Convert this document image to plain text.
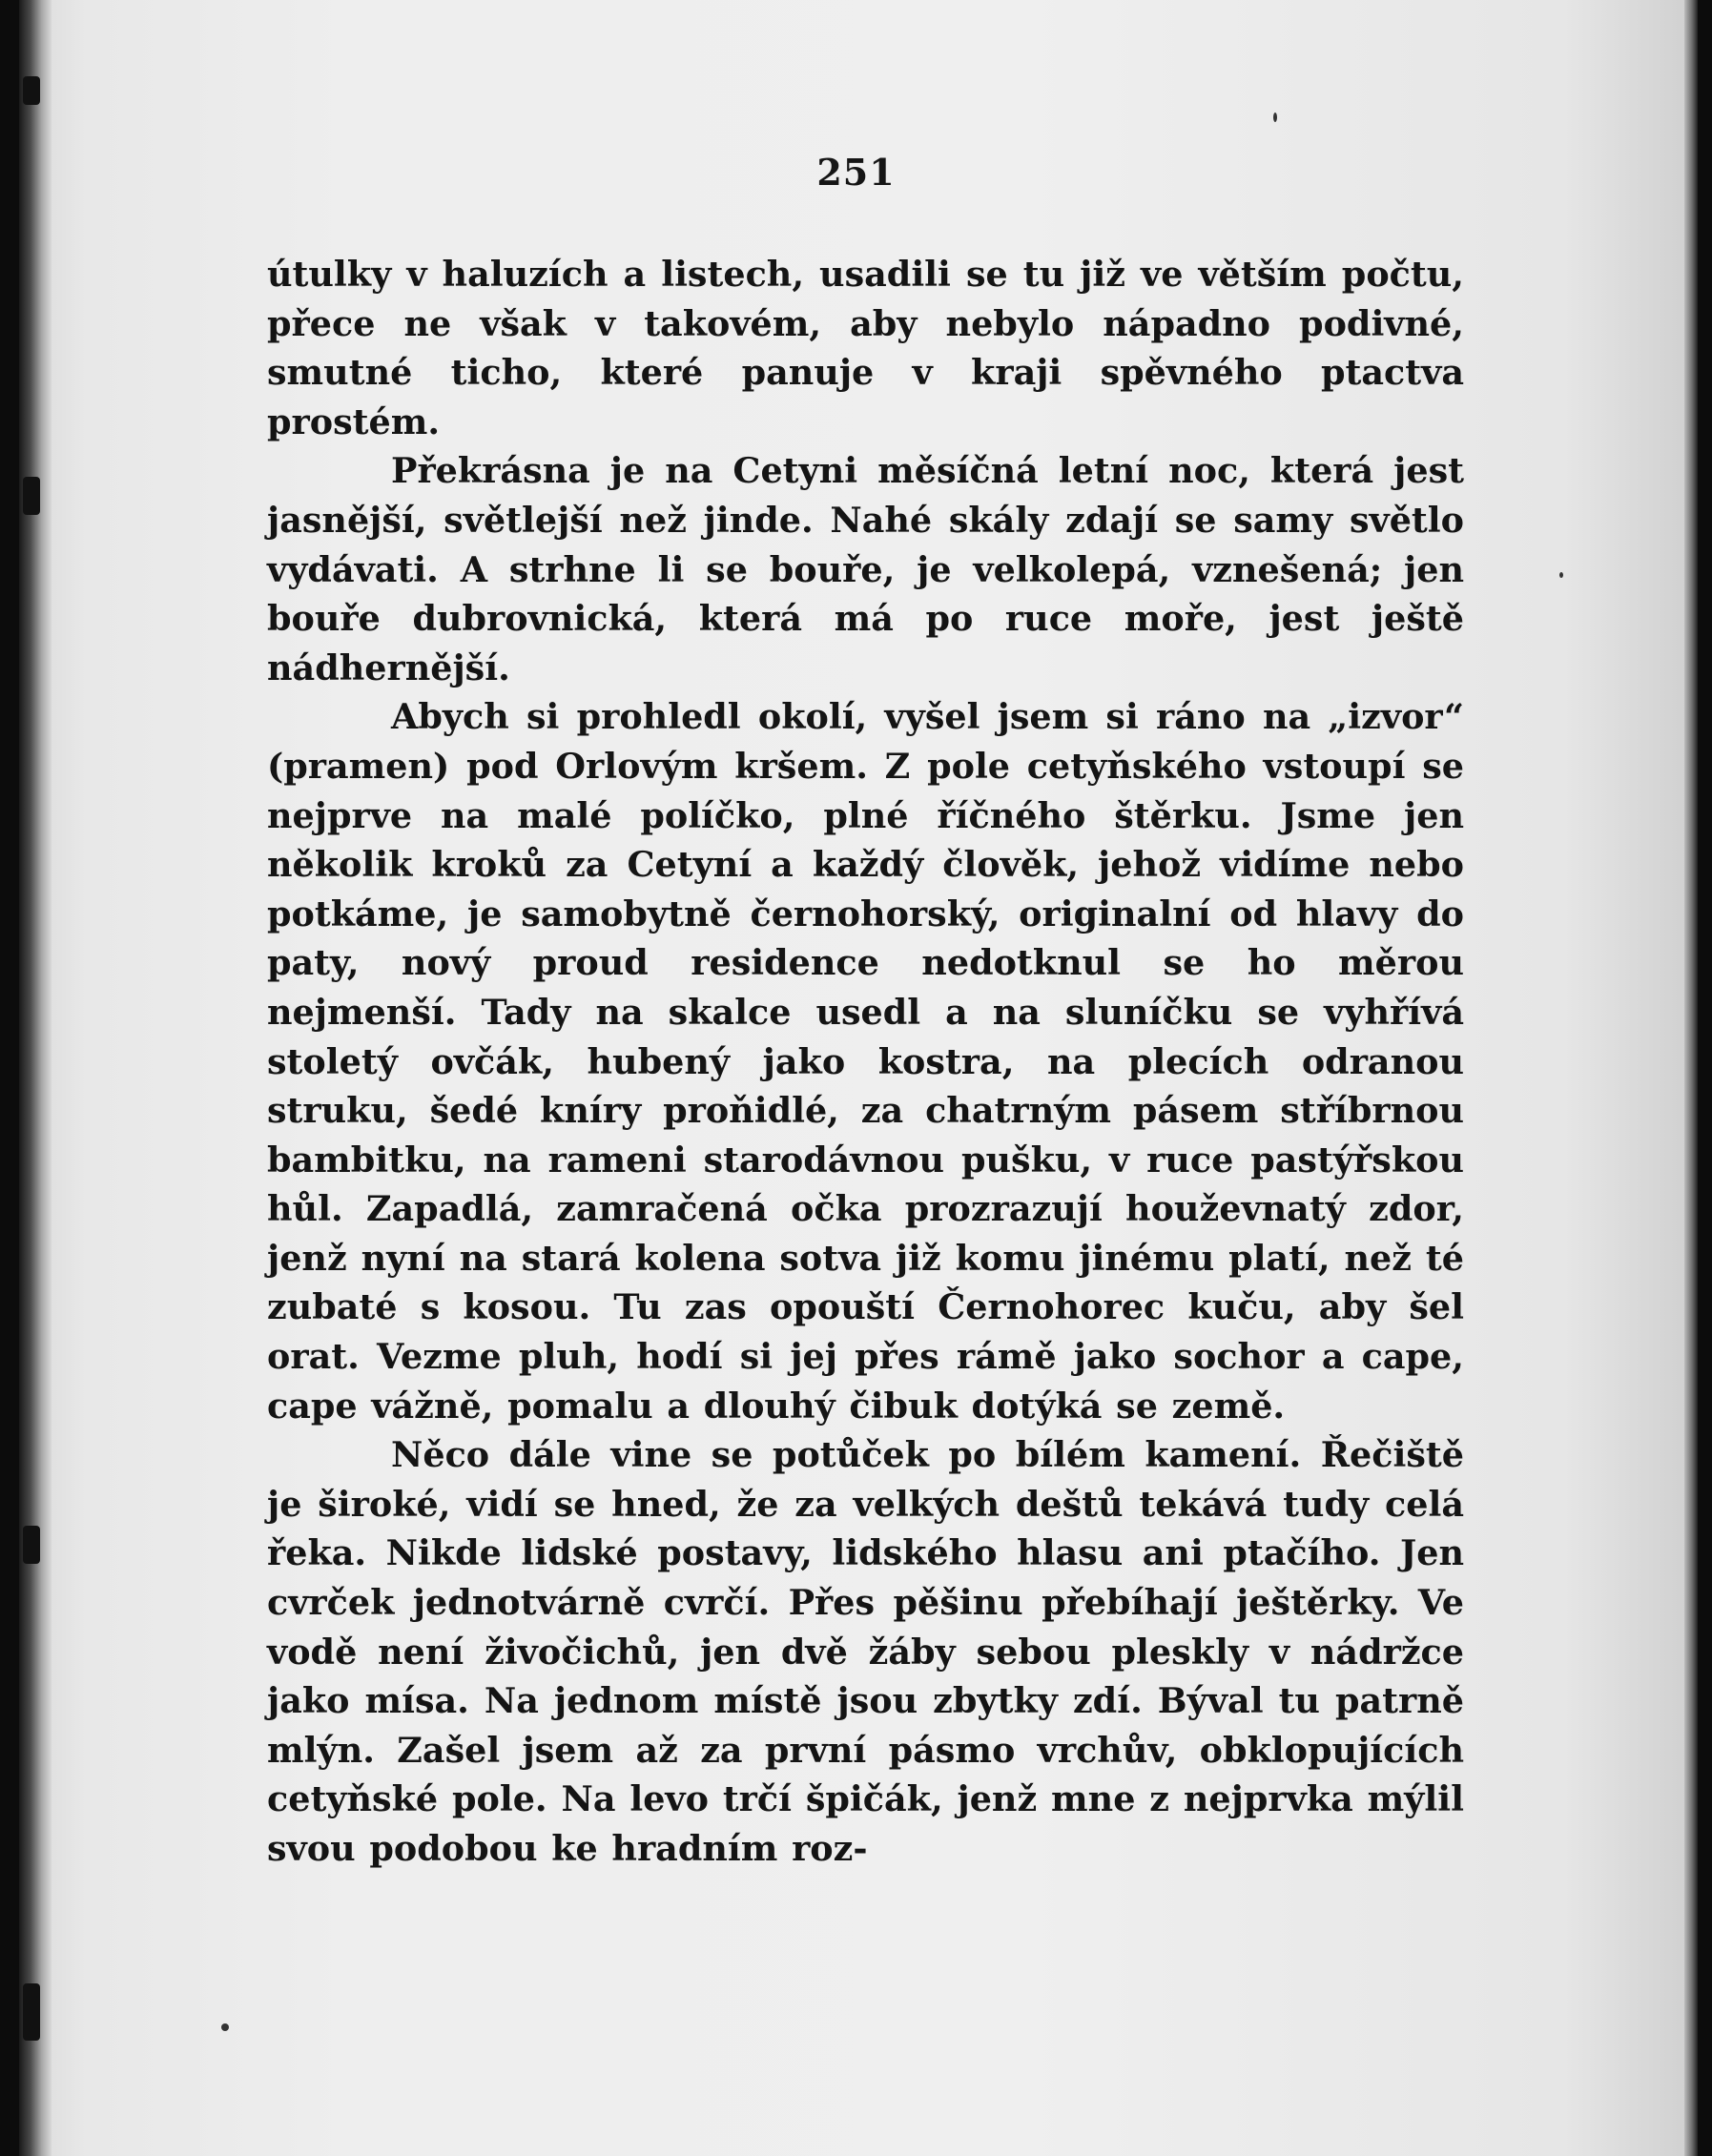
251

útulky v haluzích a listech, usadili se tu již ve větším počtu, přece ne však v takovém, aby nebylo nápadno podivné, smutné ticho, které panuje v kraji spěvného ptactva prostém.

Překrásna je na Cetyni měsíčná letní noc, která jest jasnější, světlejší než jinde. Nahé skály zdají se samy světlo vydávati. A strhne li se bouře, je velkolepá, vznešená; jen bouře dubrovnická, která má po ruce moře, jest ještě nádhernější.

Abych si prohledl okolí, vyšel jsem si ráno na „izvor“ (pramen) pod Orlovým kršem. Z pole cetyňského vstoupí se nejprve na malé políčko, plné říčného štěrku. Jsme jen několik kroků za Cetyní a každý člověk, jehož vidíme nebo potkáme, je samobytně černohorský, originalní od hlavy do paty, nový proud residence nedotknul se ho měrou nejmenší. Tady na skalce usedl a na sluníčku se vyhřívá stoletý ovčák, hubený jako kostra, na plecích odranou struku, šedé kníry proňidlé, za chatrným pásem stříbrnou bambitku, na rameni starodávnou pušku, v ruce pastýřskou hůl. Zapadlá, zamračená očka prozrazují houževnatý zdor, jenž nyní na stará kolena sotva již komu jinému platí, než té zubaté s kosou. Tu zas opouští Černohorec kuču, aby šel orat. Vezme pluh, hodí si jej přes rámě jako sochor a cape, cape vážně, pomalu a dlouhý čibuk dotýká se země.

Něco dále vine se potůček po bílém kamení. Řečiště je široké, vidí se hned, že za velkých deštů tekává tudy celá řeka. Nikde lidské postavy, lidského hlasu ani ptačího. Jen cvrček jednotvárně cvrčí. Přes pěšinu přebíhají ještěrky. Ve vodě není živočichů, jen dvě žáby sebou pleskly v nádržce jako mísa. Na jednom místě jsou zbytky zdí. Býval tu patrně mlýn. Zašel jsem až za první pásmo vrchův, obklopujících cetyňské pole. Na levo trčí špičák, jenž mne z nejprvka mýlil svou podobou ke hradním roz-
